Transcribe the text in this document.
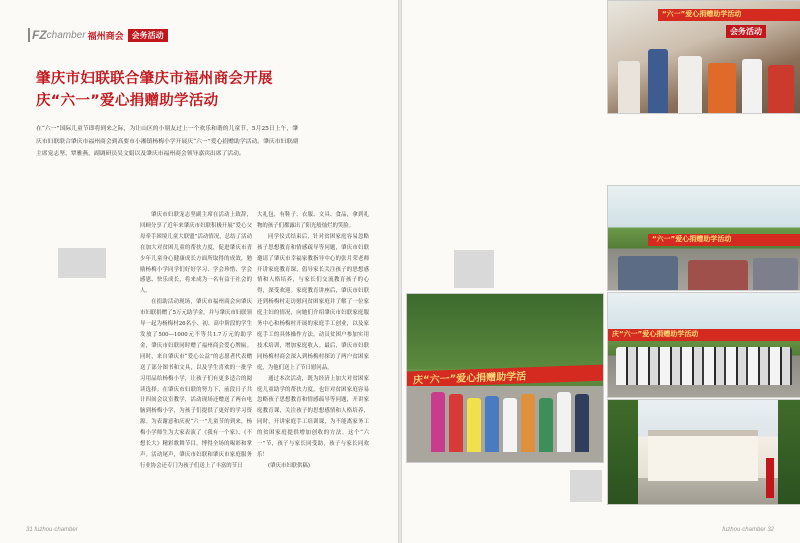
FZ chamber 福州商会	会务活动
肇庆市妇联联合肇庆市福州商会开展
庆“六一”爱心捐赠助学活动
在“六一”国际儿童节即将到来之际，为让山区的小朋友过上一个欢乐和谐的儿童节，5月25日上午，肇庆市妇联联合肇庆市福州商会到高要市小湘镇杨梅小学开展庆“六一”爱心捐赠助学活动。肇庆市妇联副主席宠志坚、覃雅燕，副调研员吴文娟以及肇庆市福州商会领导嘉宾出席了活动。

肇庆市妇联宠志坚副主席在活动上致辞，回顾分享了近年来肇庆市妇联积极开展“爱心父母牵手困境儿童大联盟”活动情况，总结了活动在加大对贫困儿童的帮扶力度，促进肇庆市青少年儿童身心健康成长方面所取得的成效，勉励杨梅小学同学们好好学习、学会珍惜、学会感恩、快乐成长，将来成为一名有益于社会的人。

在捐助活动现场，肇庆市福州商会向肇庆市妇联捐赠了5万元助学金，并与肇庆市妇联领导一起为杨梅村26名小、初、高中阶段的学生发放了500—1000元不等共1.7万元的助学金，肇庆市妇联同时赠了福州商会爱心牌匾。同时，来自肇庆市“爱心公益”的志愿者代表赠送了部分图书和文具，以及学生喜欢的一批学习用品给杨梅小学，让孩子们有更多适合的阅读选择。在肇庆市妇联的努力下，前段日子共计四间会议室教学，活动现场还赠送了两台电脑到杨梅小学，为孩子们提供了更好的学习资源。为表谢意和庆祝“六一”儿童节的到来，杨梅小学师生为大家表演了《我有一个家》、《不想长大》精彩歌舞节目，博得全场的喝彩和掌声。活动尾声，肇庆市妇联和肇庆市家庭服务行业协会还专门为孩子们送上了丰富的节日

大礼包，有鞋子、衣服、文具、食品，拿到礼物的孩子们都露出了阳光般灿烂的笑脸。

同学仪式结束后，针对贫困家庭容易忽略孩子思想教育和情感疏导等问题，肇庆市妇联邀请了肇庆市幸福家教指导中心的张月荣老师开讲家庭教育课，倡导家长关注孩子的思想感情和人格培养，与家长们交流教育孩子的心得，深受欢迎。家庭教育讲座后，肇庆市妇联还到杨梅村走访慰问贫困家庭并了解了一位家庭主妇的情况，向她们介绍肇庆市妇联家庭服务中心和杨梅村开展的家庭手工创业，以及家庭手工的具体操作方法，动员贫困户参加实用技术培训，增加家庭收入。最后，肇庆市妇联同杨梅村商会深入到杨梅村探访了两户贫困家庭，为他们送上了节日慰问品。

通过本次活动，既为经济上加大对贫困家庭儿童助学的帮扶力度，也针对贫困家庭容易忽略孩子思想教育和情感疏导等问题，开讲家庭教育课，关注孩子的思想感情和人格培养，同时，开讲家庭手工培训课，为不能离家务工的贫困家庭提供增加创收的方法。这个“六一”节，孩子与家长同受助，孩子与家长同欢乐！

(肇庆市妇联供稿)

31 fuzhou·chamber
“六一”爱心捐赠助学活动
会务活动
“六一”爱心捐赠助学活动
庆“六一”爱心捐赠助学活动
庆“六一”爱心捐赠助学活
fuzhou·chamber 32
